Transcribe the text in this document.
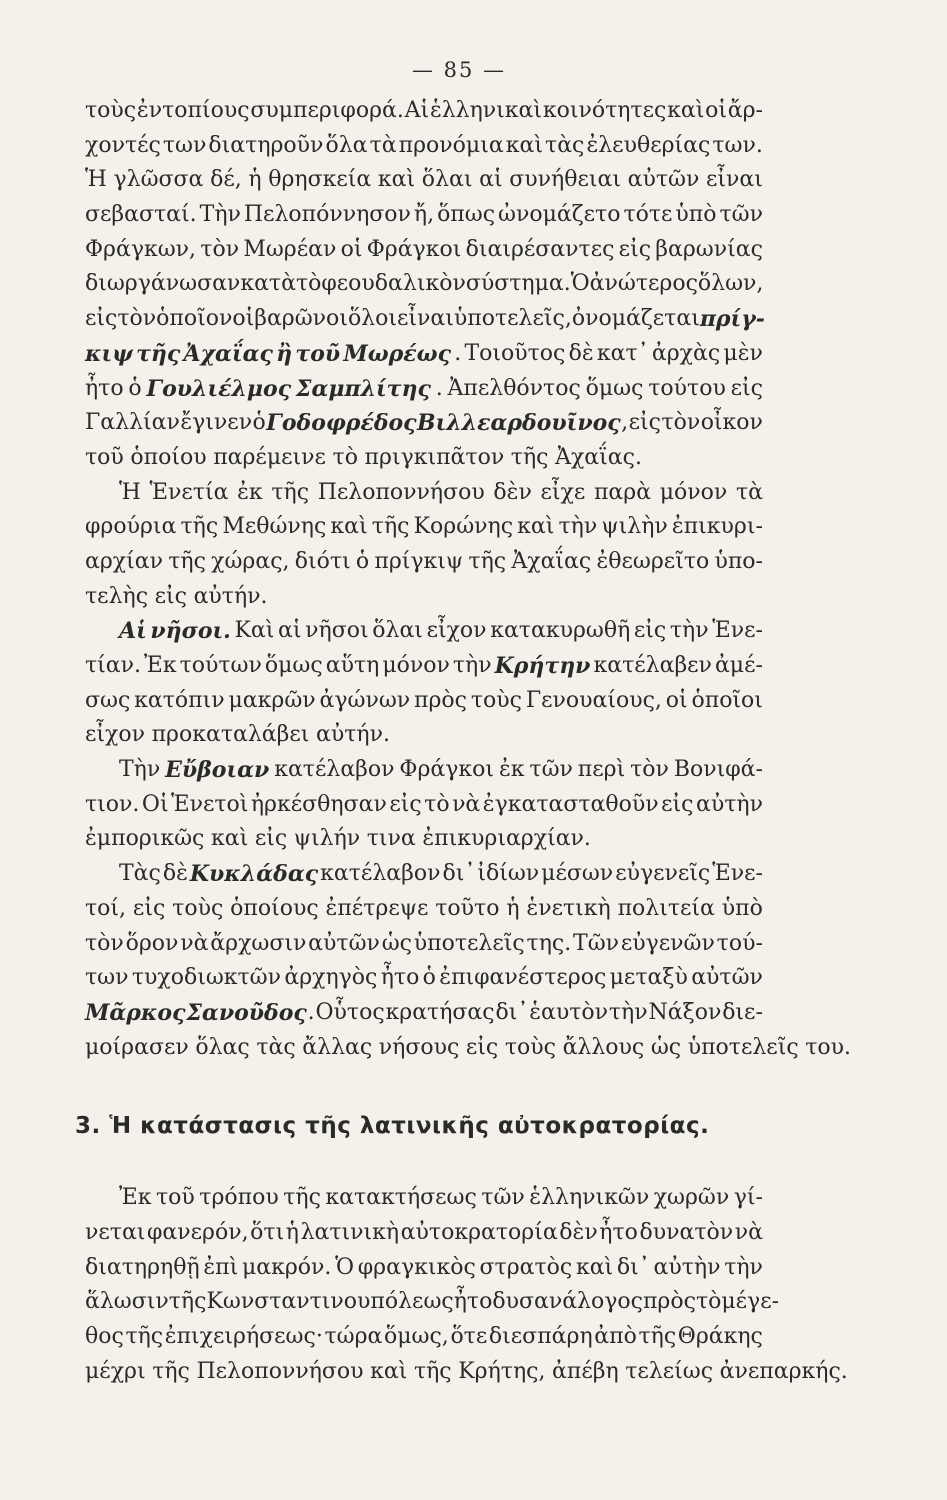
— 85 —
τοὺς ἐντοπίους συμπεριφορά. Αἱ ἑλληνικαὶ κοινότητες καὶ οἱ ἄρ-
χοντές των διατηροῦν ὅλα τὰ προνόμια καὶ τὰς ἐλευθερίας των.
Ἡ γλῶσσα δέ, ἡ θρησκεία καὶ ὅλαι αἱ συνήθειαι αὐτῶν εἶναι
σεβασταί. Τὴν Πελοπόννησον ἤ, ὅπως ὠνομάζετο τότε ὑπὸ τῶν
Φράγκων, τὸν Μωρέαν οἱ Φράγκοι διαιρέσαντες εἰς βαρωνίας
διωργάνωσαν κατὰ τὸ φεουδαλικὸν σύστημα. Ὁ ἀνώτερος ὅλων,
εἰς τὸν ὁποῖον οἱ βαρῶνοι ὅλοι εἶναι ὑποτελεῖς, ὀνομάζεται πρίγ-
κιψ τῆς Ἀχαΐας ἢ τοῦ Μωρέως . Τοιοῦτος δὲ κατ᾿ ἀρχὰς μὲν
ἦτο ὁ Γουλιέλμος Σαμπλίτης . Ἀπελθόντος ὅμως τούτου εἰς
Γαλλίαν ἔγινεν ὁ Γοδοφρέδος Βιλλεαρδουῖνος , εἰς τὸν οἶκον
τοῦ ὁποίου παρέμεινε τὸ πριγκιπᾶτον τῆς Ἀχαΐας.
Ἡ Ἑνετία ἐκ τῆς Πελοποννήσου δὲν εἶχε παρὰ μόνον τὰ
φρούρια τῆς Μεθώνης καὶ τῆς Κορώνης καὶ τὴν ψιλὴν ἐπικυρι-
αρχίαν τῆς χώρας, διότι ὁ πρίγκιψ τῆς Ἀχαΐας ἐθεωρεῖτο ὑπο-
τελὴς εἰς αὐτήν.
Αἱ νῆσοι. Καὶ αἱ νῆσοι ὅλαι εἶχον κατακυρωθῆ εἰς τὴν Ἑνε-
τίαν. Ἐκ τούτων ὅμως αὕτη μόνον τὴν Κρήτην κατέλαβεν ἀμέ-
σως κατόπιν μακρῶν ἀγώνων πρὸς τοὺς Γενουαίους, οἱ ὁποῖοι
εἶχον προκαταλάβει αὐτήν.
Τὴν Εὔβοιαν κατέλαβον Φράγκοι ἐκ τῶν περὶ τὸν Βονιφά-
τιον. Οἱ Ἑνετοὶ ἠρκέσθησαν εἰς τὸ νὰ ἐγκατασταθοῦν εἰς αὐτὴν
ἐμπορικῶς καὶ εἰς ψιλήν τινα ἐπικυριαρχίαν.
Τὰς δὲ Κυκλάδας κατέλαβον δι᾿ ἰδίων μέσων εὐγενεῖς Ἑνε-
τοί, εἰς τοὺς ὁποίους ἐπέτρεψε τοῦτο ἡ ἑνετικὴ πολιτεία ὑπὸ
τὸν ὅρον νὰ ἄρχωσιν αὐτῶν ὡς ὑποτελεῖς της. Τῶν εὐγενῶν τού-
των τυχοδιωκτῶν ἀρχηγὸς ἦτο ὁ ἐπιφανέστερος μεταξὺ αὐτῶν
Μᾶρκος Σανοῦδος . Οὗτος κρατήσας δι᾿ ἑαυτὸν τὴν Νάξον διε-
μοίρασεν ὅλας τὰς ἄλλας νήσους εἰς τοὺς ἄλλους ὡς ὑποτελεῖς του.
3. Ἡ κατάστασις τῆς λατινικῆς αὐτοκρατορίας.
Ἐκ τοῦ τρόπου τῆς κατακτήσεως τῶν ἑλληνικῶν χωρῶν γί-
νεται φανερόν, ὅτι ἡ λατινικὴ αὐτοκρατορία δὲν ἦτο δυνατὸν νὰ
διατηρηθῇ ἐπὶ μακρόν. Ὁ φραγκικὸς στρατὸς καὶ δι᾿ αὐτὴν τὴν
ἅλωσιν τῆς Κωνσταντινουπόλεως ἦτο δυσανάλογος πρὸς τὸ μέγε-
θος τῆς ἐπιχειρήσεως· τώρα ὅμως, ὅτε διεσπάρη ἀπὸ τῆς Θράκης
μέχρι τῆς Πελοποννήσου καὶ τῆς Κρήτης, ἀπέβη τελείως ἀνεπαρκής.
